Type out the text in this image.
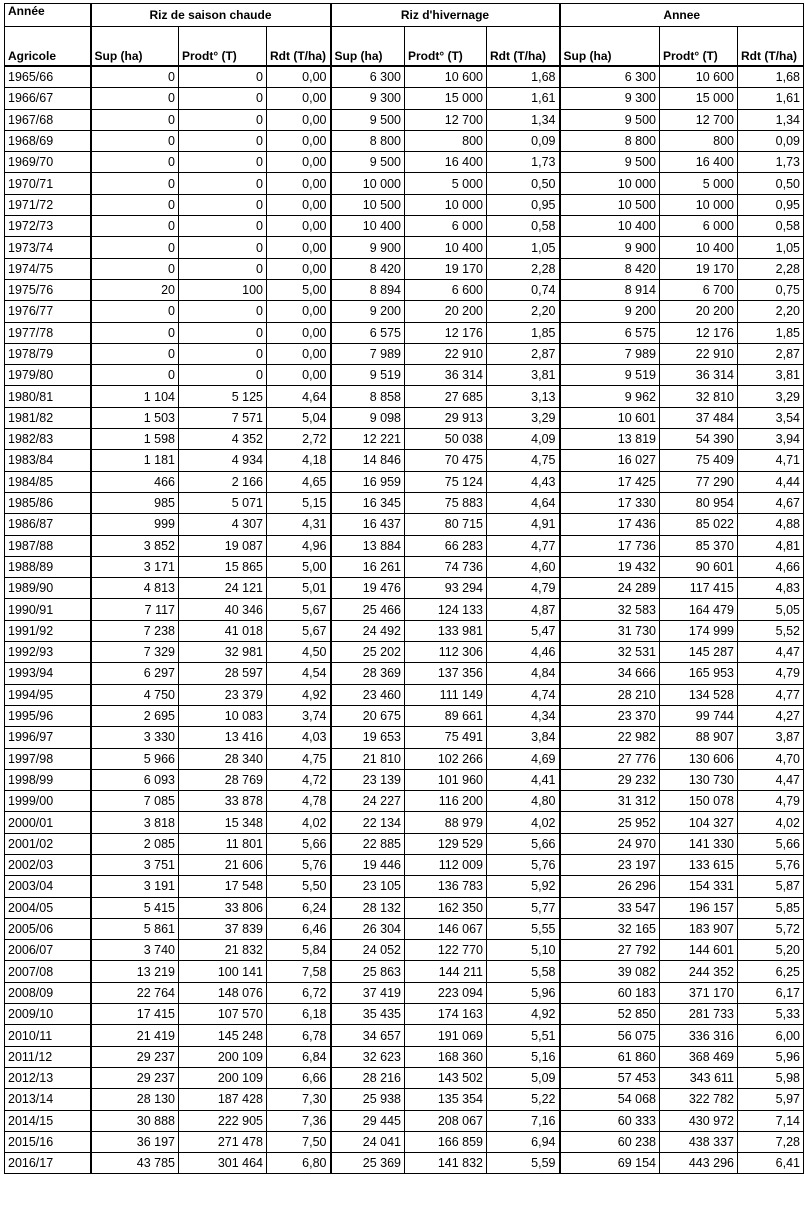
Année	Riz de saison chaude			Riz d'hivernage			Annee		
Agricole	Sup (ha)	Prodt° (T)	Rdt (T/ha)	Sup (ha)	Prodt° (T)	Rdt (T/ha)	Sup (ha)	Prodt° (T)	Rdt (T/ha)
1965/66	0	0	0,00	6 300	10 600	1,68	6 300	10 600	1,68
1966/67	0	0	0,00	9 300	15 000	1,61	9 300	15 000	1,61
1967/68	0	0	0,00	9 500	12 700	1,34	9 500	12 700	1,34
1968/69	0	0	0,00	8 800	800	0,09	8 800	800	0,09
1969/70	0	0	0,00	9 500	16 400	1,73	9 500	16 400	1,73
1970/71	0	0	0,00	10 000	5 000	0,50	10 000	5 000	0,50
1971/72	0	0	0,00	10 500	10 000	0,95	10 500	10 000	0,95
1972/73	0	0	0,00	10 400	6 000	0,58	10 400	6 000	0,58
1973/74	0	0	0,00	9 900	10 400	1,05	9 900	10 400	1,05
1974/75	0	0	0,00	8 420	19 170	2,28	8 420	19 170	2,28
1975/76	20	100	5,00	8 894	6 600	0,74	8 914	6 700	0,75
1976/77	0	0	0,00	9 200	20 200	2,20	9 200	20 200	2,20
1977/78	0	0	0,00	6 575	12 176	1,85	6 575	12 176	1,85
1978/79	0	0	0,00	7 989	22 910	2,87	7 989	22 910	2,87
1979/80	0	0	0,00	9 519	36 314	3,81	9 519	36 314	3,81
1980/81	1 104	5 125	4,64	8 858	27 685	3,13	9 962	32 810	3,29
1981/82	1 503	7 571	5,04	9 098	29 913	3,29	10 601	37 484	3,54
1982/83	1 598	4 352	2,72	12 221	50 038	4,09	13 819	54 390	3,94
1983/84	1 181	4 934	4,18	14 846	70 475	4,75	16 027	75 409	4,71
1984/85	466	2 166	4,65	16 959	75 124	4,43	17 425	77 290	4,44
1985/86	985	5 071	5,15	16 345	75 883	4,64	17 330	80 954	4,67
1986/87	999	4 307	4,31	16 437	80 715	4,91	17 436	85 022	4,88
1987/88	3 852	19 087	4,96	13 884	66 283	4,77	17 736	85 370	4,81
1988/89	3 171	15 865	5,00	16 261	74 736	4,60	19 432	90 601	4,66
1989/90	4 813	24 121	5,01	19 476	93 294	4,79	24 289	117 415	4,83
1990/91	7 117	40 346	5,67	25 466	124 133	4,87	32 583	164 479	5,05
1991/92	7 238	41 018	5,67	24 492	133 981	5,47	31 730	174 999	5,52
1992/93	7 329	32 981	4,50	25 202	112 306	4,46	32 531	145 287	4,47
1993/94	6 297	28 597	4,54	28 369	137 356	4,84	34 666	165 953	4,79
1994/95	4 750	23 379	4,92	23 460	111 149	4,74	28 210	134 528	4,77
1995/96	2 695	10 083	3,74	20 675	89 661	4,34	23 370	99 744	4,27
1996/97	3 330	13 416	4,03	19 653	75 491	3,84	22 982	88 907	3,87
1997/98	5 966	28 340	4,75	21 810	102 266	4,69	27 776	130 606	4,70
1998/99	6 093	28 769	4,72	23 139	101 960	4,41	29 232	130 730	4,47
1999/00	7 085	33 878	4,78	24 227	116 200	4,80	31 312	150 078	4,79
2000/01	3 818	15 348	4,02	22 134	88 979	4,02	25 952	104 327	4,02
2001/02	2 085	11 801	5,66	22 885	129 529	5,66	24 970	141 330	5,66
2002/03	3 751	21 606	5,76	19 446	112 009	5,76	23 197	133 615	5,76
2003/04	3 191	17 548	5,50	23 105	136 783	5,92	26 296	154 331	5,87
2004/05	5 415	33 806	6,24	28 132	162 350	5,77	33 547	196 157	5,85
2005/06	5 861	37 839	6,46	26 304	146 067	5,55	32 165	183 907	5,72
2006/07	3 740	21 832	5,84	24 052	122 770	5,10	27 792	144 601	5,20
2007/08	13 219	100 141	7,58	25 863	144 211	5,58	39 082	244 352	6,25
2008/09	22 764	148 076	6,72	37 419	223 094	5,96	60 183	371 170	6,17
2009/10	17 415	107 570	6,18	35 435	174 163	4,92	52 850	281 733	5,33
2010/11	21 419	145 248	6,78	34 657	191 069	5,51	56 075	336 316	6,00
2011/12	29 237	200 109	6,84	32 623	168 360	5,16	61 860	368 469	5,96
2012/13	29 237	200 109	6,66	28 216	143 502	5,09	57 453	343 611	5,98
2013/14	28 130	187 428	7,30	25 938	135 354	5,22	54 068	322 782	5,97
2014/15	30 888	222 905	7,36	29 445	208 067	7,16	60 333	430 972	7,14
2015/16	36 197	271 478	7,50	24 041	166 859	6,94	60 238	438 337	7,28
2016/17	43 785	301 464	6,80	25 369	141 832	5,59	69 154	443 296	6,41
